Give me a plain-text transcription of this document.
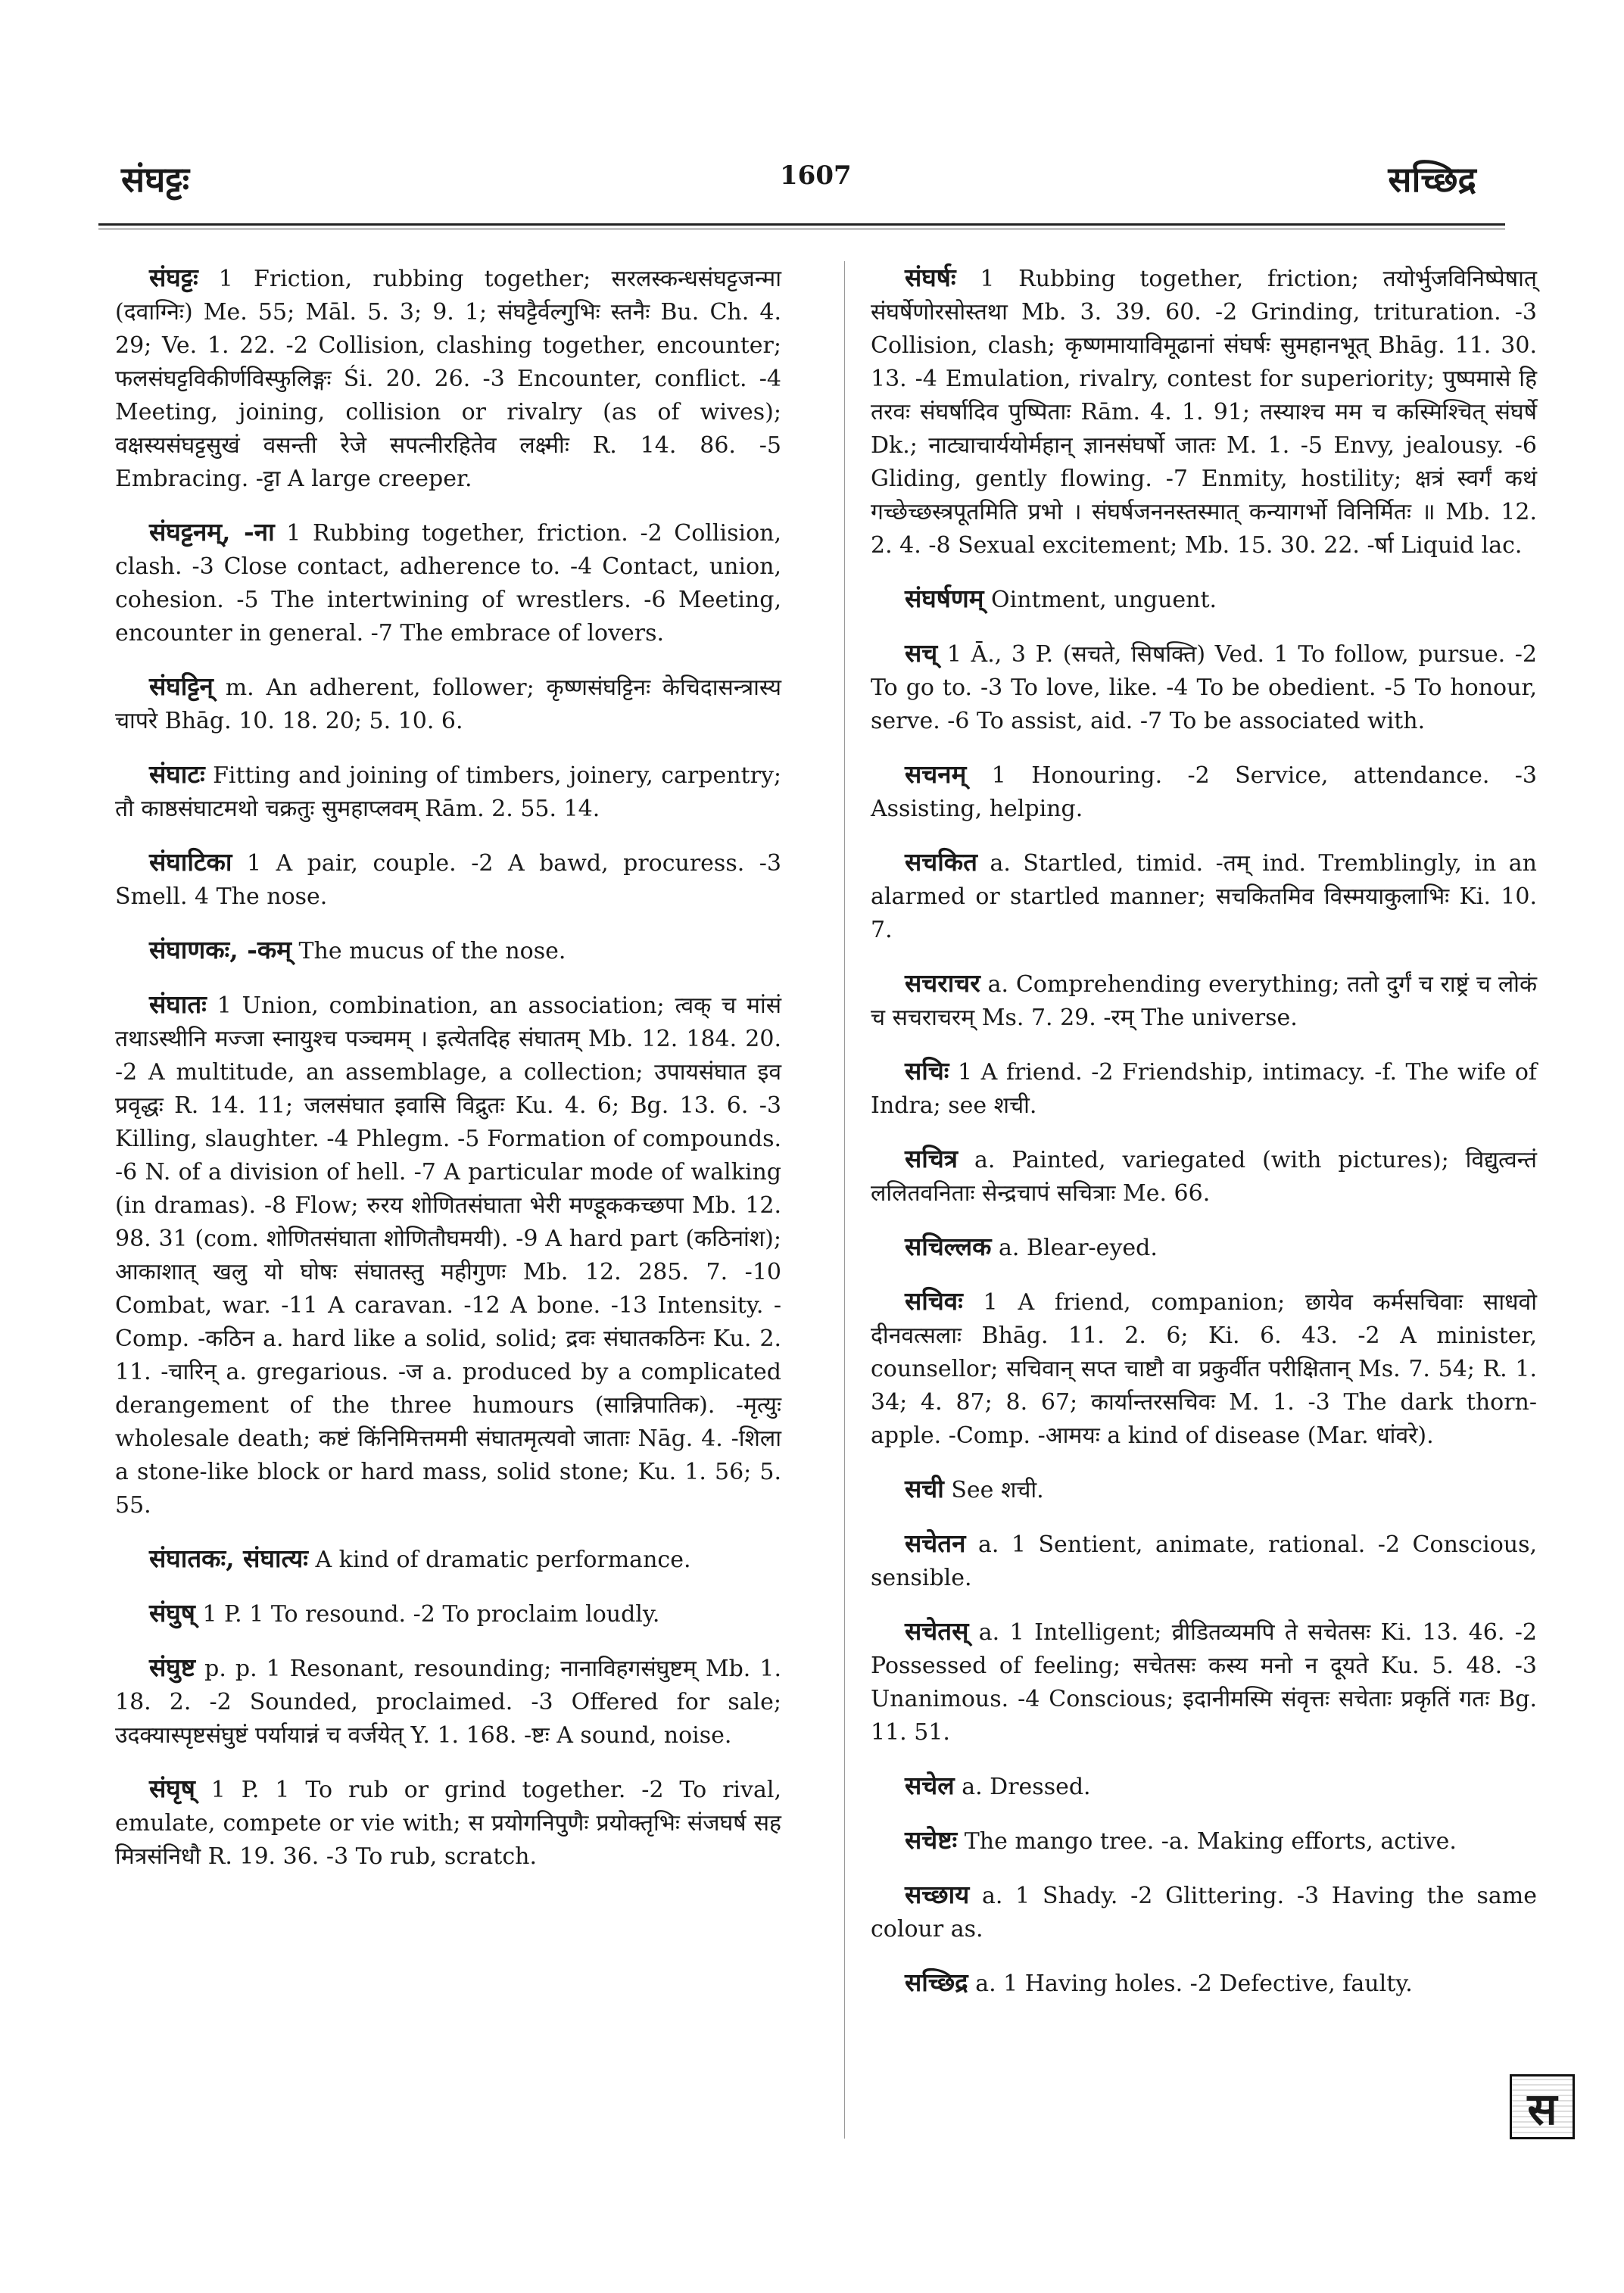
संघट्टः	1607	सच्छिद्र

संघट्टः 1 Friction, rubbing together; सरलस्कन्धसंघट्टजन्मा (दवाग्निः) Me. 55; Māl. 5. 3; 9. 1; संघट्टैर्वल्गुभिः स्तनैः Bu. Ch. 4. 29; Ve. 1. 22. -2 Collision, clashing together, encounter; फलसंघट्टविकीर्णविस्फुलिङ्गः Śi. 20. 26. -3 Encounter, conflict. -4 Meeting, joining, collision or rivalry (as of wives); वक्षस्यसंघट्टसुखं वसन्ती रेजे सपत्नीरहितेव लक्ष्मीः R. 14. 86. -5 Embracing. -ट्टा A large creeper.

संघट्टनम्, -ना 1 Rubbing together, friction. -2 Collision, clash. -3 Close contact, adherence to. -4 Contact, union, cohesion. -5 The intertwining of wrestlers. -6 Meeting, encounter in general. -7 The embrace of lovers.

संघट्टिन् m. An adherent, follower; कृष्णसंघट्टिनः केचिदासन्त्रास्य चापरे Bhāg. 10. 18. 20; 5. 10. 6.

संघाटः Fitting and joining of timbers, joinery, carpentry; तौ काष्ठसंघाटमथो चक्रतुः सुमहाप्लवम् Rām. 2. 55. 14.

संघाटिका 1 A pair, couple. -2 A bawd, procuress. -3 Smell. 4 The nose.

संघाणकः, -कम् The mucus of the nose.

संघातः 1 Union, combination, an association; त्वक् च मांसं तथाऽस्थीनि मज्जा स्नायुश्च पञ्चमम् । इत्येतदिह संघातम् Mb. 12. 184. 20. -2 A multitude, an assemblage, a collection; उपायसंघात इव प्रवृद्धः R. 14. 11; जलसंघात इवासि विद्रुतः Ku. 4. 6; Bg. 13. 6. -3 Killing, slaughter. -4 Phlegm. -5 Formation of compounds. -6 N. of a division of hell. -7 A particular mode of walking (in dramas). -8 Flow; रुरय शोणितसंघाता भेरी मण्डूककच्छपा Mb. 12. 98. 31 (com. शोणितसंघाता शोणितौघमयी). -9 A hard part (कठिनांश); आकाशात् खलु यो घोषः संघातस्तु महीगुणः Mb. 12. 285. 7. -10 Combat, war. -11 A caravan. -12 A bone. -13 Intensity. -Comp. -कठिन a. hard like a solid, solid; द्रवः संघातकठिनः Ku. 2. 11. -चारिन् a. gregarious. -ज a. produced by a complicated derangement of the three humours (सान्निपातिक). -मृत्युः wholesale death; कष्टं किंनिमित्तममी संघातमृत्यवो जाताः Nāg. 4. -शिला a stone-like block or hard mass, solid stone; Ku. 1. 56; 5. 55.

संघातकः, संघात्यः A kind of dramatic performance.

संघुष् 1 P. 1 To resound. -2 To proclaim loudly.

संघुष्ट p. p. 1 Resonant, resounding; नानाविहगसंघुष्टम् Mb. 1. 18. 2. -2 Sounded, proclaimed. -3 Offered for sale; उदक्यास्पृष्टसंघुष्टं पर्यायान्नं च वर्जयेत् Y. 1. 168. -ष्टः A sound, noise.

संघृष् 1 P. 1 To rub or grind together. -2 To rival, emulate, compete or vie with; स प्रयोगनिपुणैः प्रयोक्तृभिः संजघर्ष सह मित्रसंनिधौ R. 19. 36. -3 To rub, scratch.

संघर्षः 1 Rubbing together, friction; तयोर्भुजविनिष्पेषात् संघर्षेणोरसोस्तथा Mb. 3. 39. 60. -2 Grinding, trituration. -3 Collision, clash; कृष्णमायाविमूढानां संघर्षः सुमहानभूत् Bhāg. 11. 30. 13. -4 Emulation, rivalry, contest for superiority; पुष्पमासे हि तरवः संघर्षादिव पुष्पिताः Rām. 4. 1. 91; तस्याश्च मम च कस्मिश्चित् संघर्षे Dk.; नाट्याचार्ययोर्महान् ज्ञानसंघर्षो जातः M. 1. -5 Envy, jealousy. -6 Gliding, gently flowing. -7 Enmity, hostility; क्षत्रं स्वर्गं कथं गच्छेच्छस्त्रपूतमिति प्रभो । संघर्षजननस्तस्मात् कन्यागर्भो विनिर्मितः ॥ Mb. 12. 2. 4. -8 Sexual excitement; Mb. 15. 30. 22. -र्षा Liquid lac.

संघर्षणम् Ointment, unguent.

सच् 1 Ā., 3 P. (सचते, सिषक्ति) Ved. 1 To follow, pursue. -2 To go to. -3 To love, like. -4 To be obedient. -5 To honour, serve. -6 To assist, aid. -7 To be associated with.

सचनम् 1 Honouring. -2 Service, attendance. -3 Assisting, helping.

सचकित a. Startled, timid. -तम् ind. Tremblingly, in an alarmed or startled manner; सचकितमिव विस्मयाकुलाभिः Ki. 10. 7.

सचराचर a. Comprehending everything; ततो दुर्गं च राष्ट्रं च लोकं च सचराचरम् Ms. 7. 29. -रम् The universe.

सचिः 1 A friend. -2 Friendship, intimacy. -f. The wife of Indra; see शची.

सचित्र a. Painted, variegated (with pictures); विद्युत्वन्तं ललितवनिताः सेन्द्रचापं सचित्राः Me. 66.

सचिल्लक a. Blear-eyed.

सचिवः 1 A friend, companion; छायेव कर्मसचिवाः साधवो दीनवत्सलाः Bhāg. 11. 2. 6; Ki. 6. 43. -2 A minister, counsellor; सचिवान् सप्त चाष्टौ वा प्रकुर्वीत परीक्षितान् Ms. 7. 54; R. 1. 34; 4. 87; 8. 67; कार्यान्तरसचिवः M. 1. -3 The dark thorn-apple. -Comp. -आमयः a kind of disease (Mar. धांवरे).

सची See शची.

सचेतन a. 1 Sentient, animate, rational. -2 Conscious, sensible.

सचेतस् a. 1 Intelligent; व्रीडितव्यमपि ते सचेतसः Ki. 13. 46. -2 Possessed of feeling; सचेतसः कस्य मनो न दूयते Ku. 5. 48. -3 Unanimous. -4 Conscious; इदानीमस्मि संवृत्तः सचेताः प्रकृतिं गतः Bg. 11. 51.

सचेल a. Dressed.

सचेष्टः The mango tree. -a. Making efforts, active.

सच्छाय a. 1 Shady. -2 Glittering. -3 Having the same colour as.

सच्छिद्र a. 1 Having holes. -2 Defective, faulty.

स
